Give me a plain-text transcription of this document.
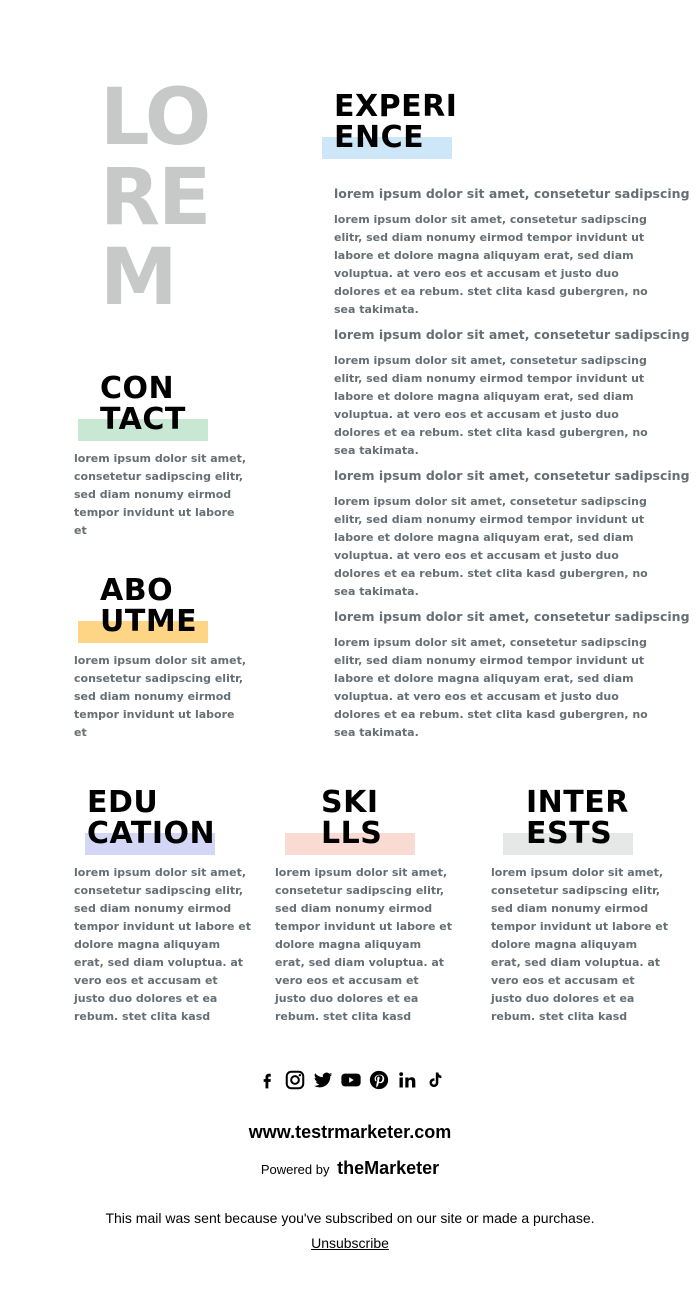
LO
RE
M
EXPERI
ENCE
lorem ipsum dolor sit amet, consetetur sadipscing
lorem ipsum dolor sit amet, consetetur sadipscing elitr, sed diam nonumy eirmod tempor invidunt ut labore et dolore magna aliquyam erat, sed diam voluptua. at vero eos et accusam et justo duo dolores et ea rebum. stet clita kasd gubergren, no sea takimata.
lorem ipsum dolor sit amet, consetetur sadipscing
lorem ipsum dolor sit amet, consetetur sadipscing elitr, sed diam nonumy eirmod tempor invidunt ut labore et dolore magna aliquyam erat, sed diam voluptua. at vero eos et accusam et justo duo dolores et ea rebum. stet clita kasd gubergren, no sea takimata.
lorem ipsum dolor sit amet, consetetur sadipscing
lorem ipsum dolor sit amet, consetetur sadipscing elitr, sed diam nonumy eirmod tempor invidunt ut labore et dolore magna aliquyam erat, sed diam voluptua. at vero eos et accusam et justo duo dolores et ea rebum. stet clita kasd gubergren, no sea takimata.
lorem ipsum dolor sit amet, consetetur sadipscing
lorem ipsum dolor sit amet, consetetur sadipscing elitr, sed diam nonumy eirmod tempor invidunt ut labore et dolore magna aliquyam erat, sed diam voluptua. at vero eos et accusam et justo duo dolores et ea rebum. stet clita kasd gubergren, no sea takimata.
CON
TACT
lorem ipsum dolor sit amet, consetetur sadipscing elitr, sed diam nonumy eirmod tempor invidunt ut labore et
ABO
UTME
lorem ipsum dolor sit amet, consetetur sadipscing elitr, sed diam nonumy eirmod tempor invidunt ut labore et
EDU
CATION
lorem ipsum dolor sit amet, consetetur sadipscing elitr, sed diam nonumy eirmod tempor invidunt ut labore et dolore magna aliquyam erat, sed diam voluptua. at vero eos et accusam et justo duo dolores et ea rebum. stet clita kasd
SKI
LLS
lorem ipsum dolor sit amet, consetetur sadipscing elitr, sed diam nonumy eirmod tempor invidunt ut labore et dolore magna aliquyam erat, sed diam voluptua. at vero eos et accusam et justo duo dolores et ea rebum. stet clita kasd
INTER
ESTS
lorem ipsum dolor sit amet, consetetur sadipscing elitr, sed diam nonumy eirmod tempor invidunt ut labore et dolore magna aliquyam erat, sed diam voluptua. at vero eos et accusam et justo duo dolores et ea rebum. stet clita kasd
www.testrmarketer.com
Powered by theMarketer
This mail was sent because you've subscribed on our site or made a purchase.
Unsubscribe
